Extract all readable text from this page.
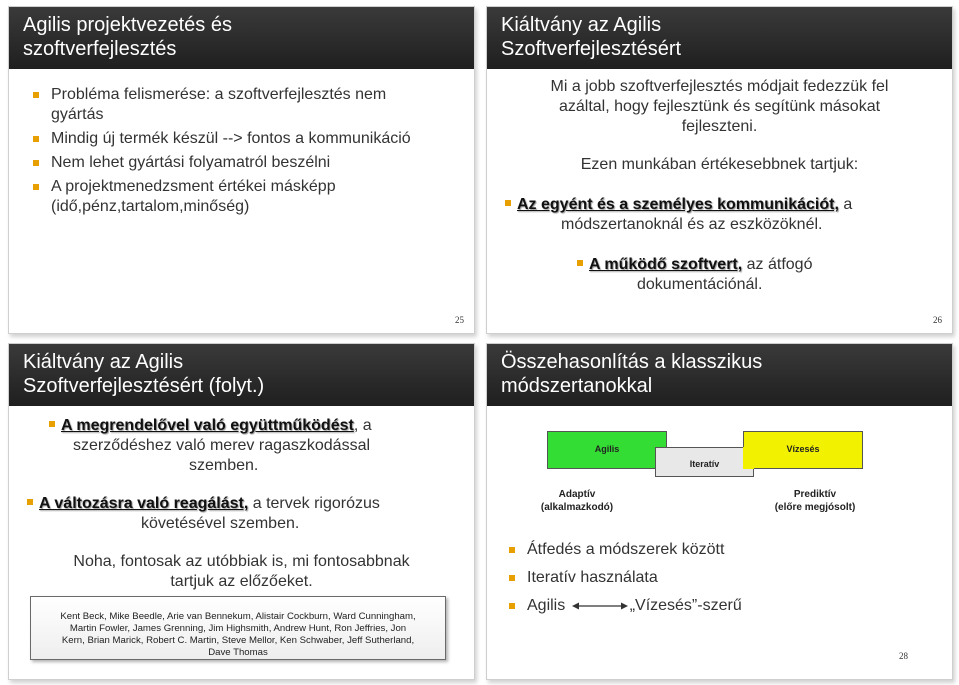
Agilis projektvezetés és
szoftverfejlesztés
Probléma felismerése: a szoftverfejlesztés nem gyártás
Mindig új termék készül --> fontos a kommunikáció
Nem lehet gyártási folyamatról beszélni
A projektmenedzsment értékei másképp (idő,pénz,tartalom,minőség)
25
Kiáltvány az Agilis
Szoftverfejlesztésért
Mi a jobb szoftverfejlesztés módjait fedezzük fel
azáltal, hogy fejlesztünk és segítünk másokat
fejleszteni.
Ezen munkában értékesebbnek tartjuk:
Az egyént és a személyes kommunikációt, a
módszertanoknál és az eszközöknél.
A működő szoftvert, az átfogó
dokumentációnál.
26
Kiáltvány az Agilis
Szoftverfejlesztésért (folyt.)
A megrendelővel való együttműködést, a
szerződéshez való merev ragaszkodással
szemben.
A változásra való reagálást, a tervek rigorózus
követésével szemben.
Noha, fontosak az utóbbiak is, mi fontosabbnak
tartjuk az előzőeket.
Kent Beck, Mike Beedle, Arie van Bennekum, Alistair Cockburn, Ward Cunningham,
Martin Fowler, James Grenning, Jim Highsmith, Andrew Hunt, Ron Jeffries, Jon
Kern, Brian Marick, Robert C. Martin, Steve Mellor, Ken Schwaber, Jeff Sutherland,
Dave Thomas
Összehasonlítás a klasszikus
módszertanokkal
Agilis	Vízesés
Iteratív
Adaptív
(alkalmazkodó)
Prediktív
(előre megjósolt)
Átfedés a módszerek között
Iteratív használata
Agilis	„Vízesés”-szerű
28
